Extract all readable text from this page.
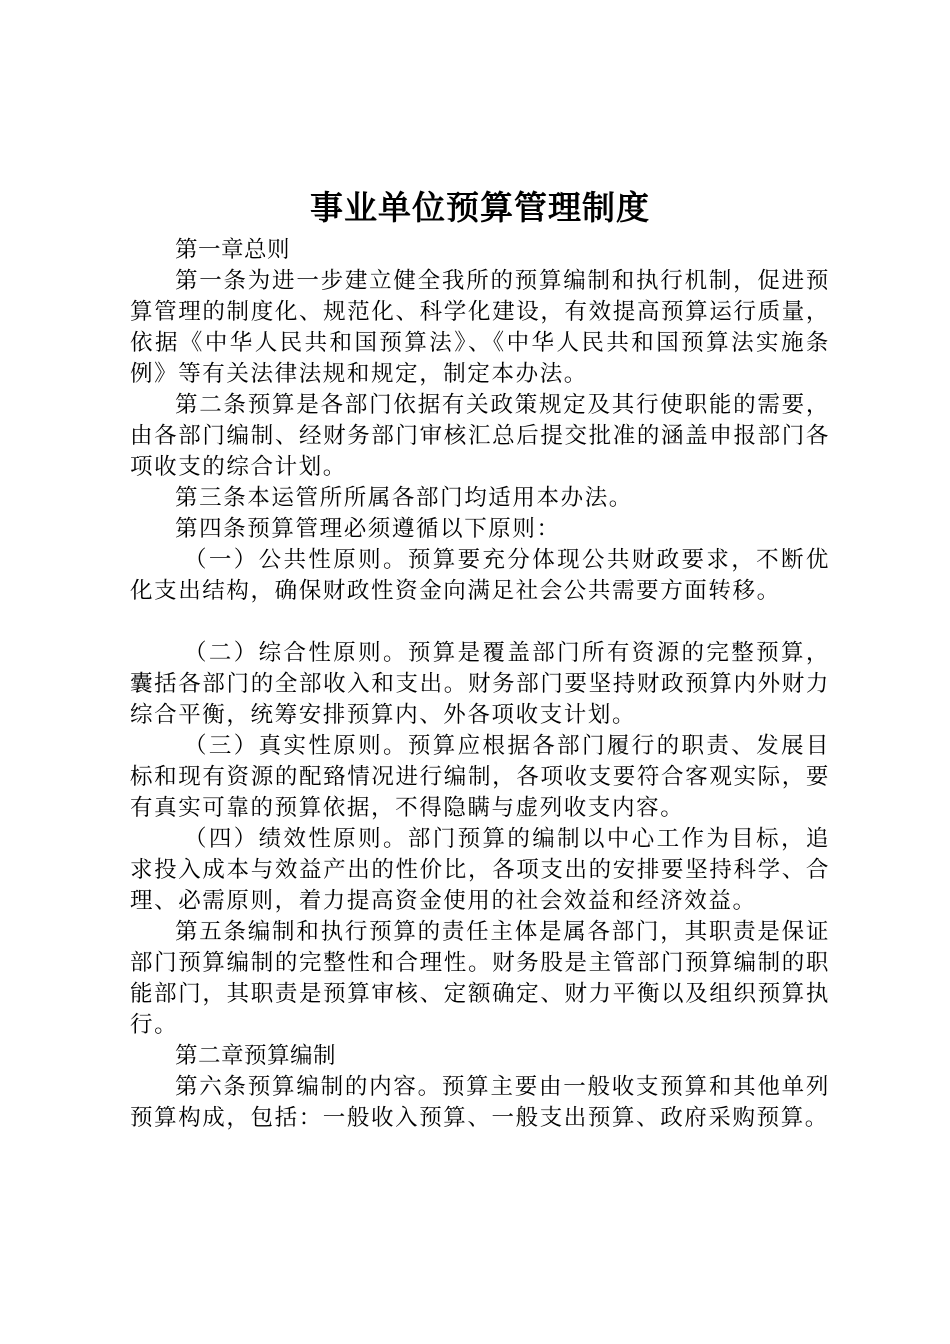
事业单位预算管理制度

第一章总则

第一条为进一步建立健全我所的预算编制和执行机制，促进预算管理的制度化、规范化、科学化建设，有效提高预算运行质量，依据《中华人民共和国预算法》、《中华人民共和国预算法实施条例》等有关法律法规和规定，制定本办法。

第二条预算是各部门依据有关政策规定及其行使职能的需要，由各部门编制、经财务部门审核汇总后提交批准的涵盖申报部门各项收支的综合计划。

第三条本运管所所属各部门均适用本办法。

第四条预算管理必须遵循以下原则：

（一）公共性原则。预算要充分体现公共财政要求，不断优化支出结构，确保财政性资金向满足社会公共需要方面转移。

（二）综合性原则。预算是覆盖部门所有资源的完整预算，囊括各部门的全部收入和支出。财务部门要坚持财政预算内外财力综合平衡，统筹安排预算内、外各项收支计划。

（三）真实性原则。预算应根据各部门履行的职责、发展目标和现有资源的配臵情况进行编制，各项收支要符合客观实际，要有真实可靠的预算依据，不得隐瞒与虚列收支内容。

（四）绩效性原则。部门预算的编制以中心工作为目标，追求投入成本与效益产出的性价比，各项支出的安排要坚持科学、合理、必需原则，着力提高资金使用的社会效益和经济效益。

第五条编制和执行预算的责任主体是属各部门，其职责是保证部门预算编制的完整性和合理性。财务股是主管部门预算编制的职能部门，其职责是预算审核、定额确定、财力平衡以及组织预算执行。

第二章预算编制

第六条预算编制的内容。预算主要由一般收支预算和其他单列预算构成，包括：一般收入预算、一般支出预算、政府采购预算。
